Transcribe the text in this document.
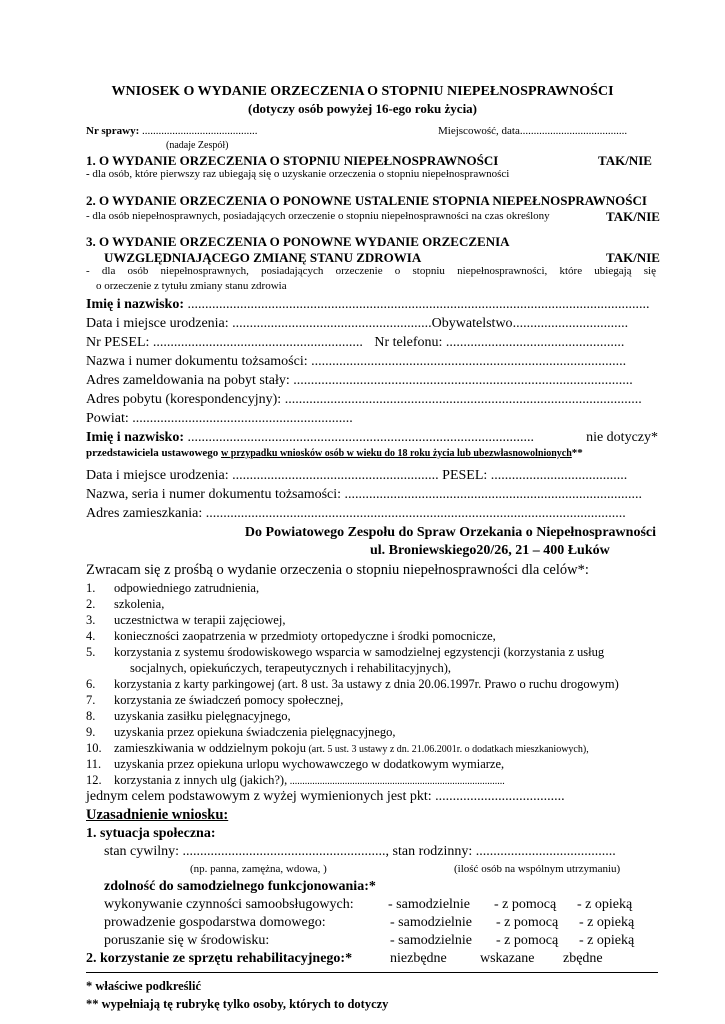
WNIOSEK O WYDANIE ORZECZENIA O STOPNIU NIEPEŁNOSPRAWNOŚCI
(dotyczy osób powyżej 16-ego roku życia)
Nr sprawy: ..........................................	Miejscowość, data.......................................
(nadaje Zespół)
1. O WYDANIE ORZECZENIA O STOPNIU NIEPEŁNOSPRAWNOŚCI	TAK/NIE
- dla osób, które pierwszy raz ubiegają się o uzyskanie orzeczenia o stopniu niepełnosprawności
2. O WYDANIE ORZECZENIA O PONOWNE USTALENIE STOPNIA NIEPEŁNOSPRAWNOŚCI
- dla osób niepełnosprawnych, posiadających orzeczenie o stopniu niepełnosprawności na czas określony	TAK/NIE
3. O WYDANIE ORZECZENIA O PONOWNE WYDANIE ORZECZENIA
UWZGLĘDNIAJĄCEGO ZMIANĘ STANU ZDROWIA	TAK/NIE
- dla osób niepełnosprawnych, posiadających orzeczenie o stopniu niepełnosprawności, które ubiegają się
o orzeczenie z tytułu zmiany stanu zdrowia
Imię i nazwisko: ....................................................................................................................................
Data i miejsce urodzenia: .........................................................Obywatelstwo.................................
Nr PESEL: ............................................................ Nr telefonu: ...................................................
Nazwa i numer dokumentu tożsamości: ..........................................................................................
Adres zameldowania na pobyt stały: .................................................................................................
Adres pobytu (korespondencyjny): ......................................................................................................
Powiat: ...............................................................
Imię i nazwisko: ...................................................................................................	nie dotyczy*
przedstawiciela ustawowego w przypadku wniosków osób w wieku do 18 roku życia lub ubezwłasnowolnionych**
Data i miejsce urodzenia: ........................................................... PESEL: .......................................
Nazwa, seria i numer dokumentu tożsamości: .....................................................................................
Adres zamieszkania: ........................................................................................................................
Do Powiatowego Zespołu do Spraw Orzekania o Niepełnosprawności
ul. Broniewskiego20/26, 21 – 400 Łuków
Zwracam się z prośbą o wydanie orzeczenia o stopniu niepełnosprawności dla celów*:
1. odpowiedniego zatrudnienia,
2. szkolenia,
3. uczestnictwa w terapii zajęciowej,
4. konieczności zaopatrzenia w przedmioty ortopedyczne i środki pomocnicze,
5. korzystania z systemu środowiskowego wsparcia w samodzielnej egzystencji (korzystania z usług
socjalnych, opiekuńczych, terapeutycznych i rehabilitacyjnych),
6. korzystania z karty parkingowej (art. 8 ust. 3a ustawy z dnia 20.06.1997r. Prawo o ruchu drogowym)
7. korzystania ze świadczeń pomocy społecznej,
8. uzyskania zasiłku pielęgnacyjnego,
9. uzyskania przez opiekuna świadczenia pielęgnacyjnego,
10. zamieszkiwania w oddzielnym pokoju (art. 5 ust. 3 ustawy z dn. 21.06.2001r. o dodatkach mieszkaniowych),
11. uzyskania przez opiekuna urlopu wychowawczego w dodatkowym wymiarze,
12. korzystania z innych ulg (jakich?), ......................................................................................
jednym celem podstawowym z wyżej wymienionych jest pkt: .....................................
Uzasadnienie wniosku:
1. sytuacja społeczna:
stan cywilny: .........................................................., stan rodzinny: ........................................
(np. panna, zamężna, wdowa, )	(ilość osób na wspólnym utrzymaniu)
zdolność do samodzielnego funkcjonowania:*
wykonywanie czynności samoobsługowych: - samodzielnie - z pomocą - z opieką
prowadzenie gospodarstwa domowego:	- samodzielnie - z pomocą - z opieką
poruszanie się w środowisku:	- samodzielnie - z pomocą - z opieką
2. korzystanie ze sprzętu rehabilitacyjnego:*	niezbędne wskazane zbędne
* właściwe podkreślić
** wypełniają tę rubrykę tylko osoby, których to dotyczy
